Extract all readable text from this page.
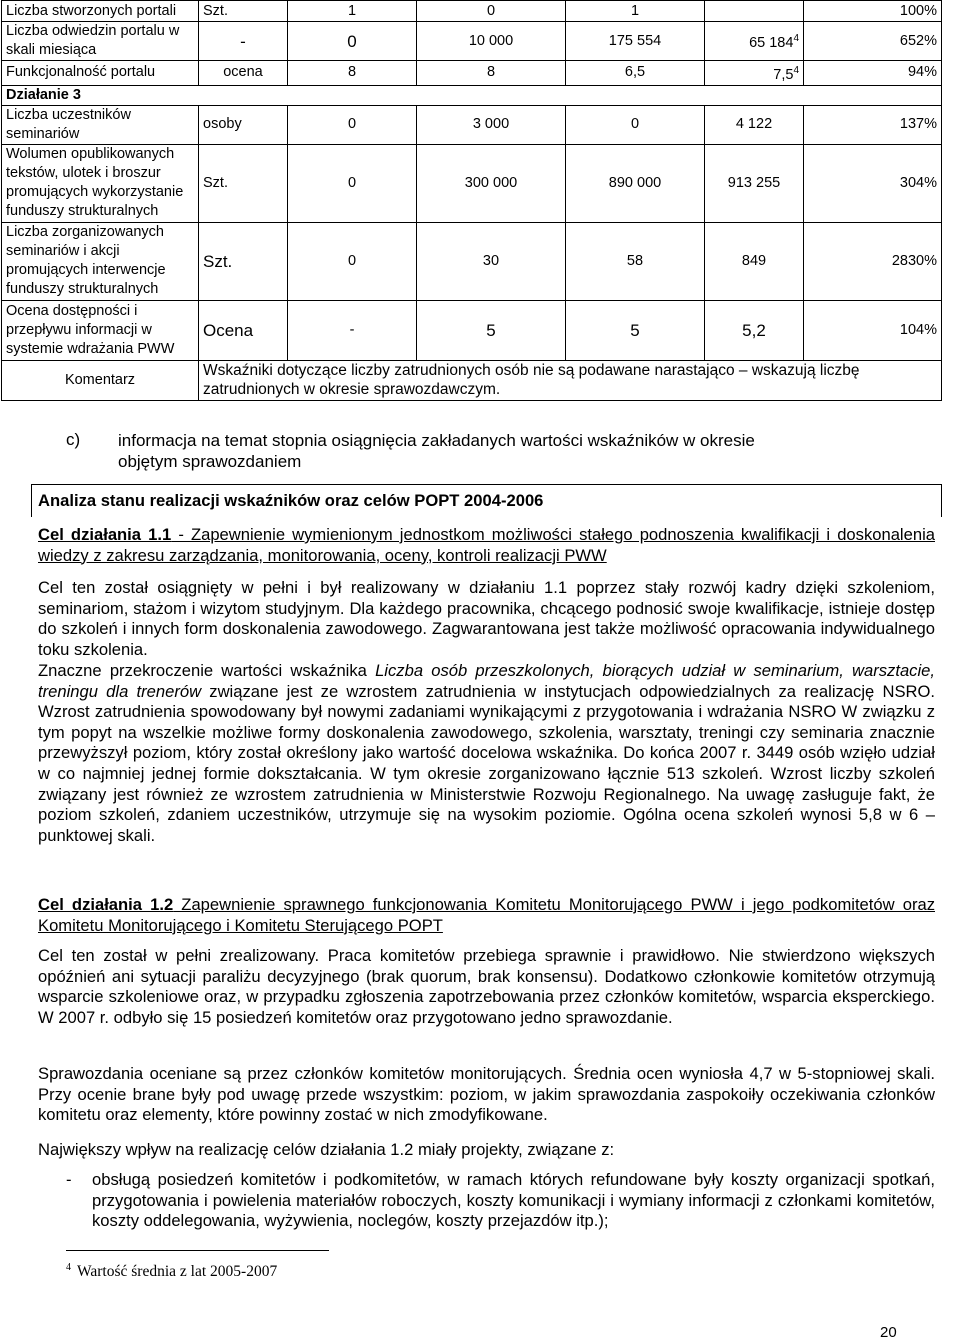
Liczba stworzonych portali	Szt.	1	0	1		100%
Liczba odwiedzin portalu w skali miesiąca	-	0	10 000	175 554	65 $184^4$	652%
Funkcjonalność portalu	ocena	8	8	6,5	$7,5^4$	94%
Działanie 3						
Liczba uczestników seminariów	osoby	0	3 000	0	4 122	137%
Wolumen opublikowanych tekstów, ulotek i broszur promujących wykorzystanie funduszy strukturalnych	Szt.	0	300 000	890 000	913 255	304%
Liczba zorganizowanych seminariów i akcji promujących interwencje funduszy strukturalnych	Szt.	0	30	58	849	2830%
Ocena dostępności i przepływu informacji w systemie wdrażania PWW	Ocena	-	5	5	5,2	104%
Komentarz	Wskaźniki dotyczące liczby zatrudnionych osób nie są podawane narastająco – wskazują liczbę zatrudnionych w okresie sprawozdawczym.					
c) informacja na temat stopnia osiągnięcia zakładanych wartości wskaźników w okresie objętym sprawozdaniem
Analiza stanu realizacji wskaźników oraz celów POPT 2004-2006
Cel działania 1.1 - Zapewnienie wymienionym jednostkom możliwości stałego podnoszenia kwalifikacji i doskonalenia wiedzy z zakresu zarządzania, monitorowania, oceny, kontroli realizacji PWW
Cel ten został osiągnięty w pełni i był realizowany w działaniu 1.1 poprzez stały rozwój kadry dzięki szkoleniom, seminariom, stażom i wizytom studyjnym. Dla każdego pracownika, chcącego podnosić swoje kwalifikacje, istnieje dostęp do szkoleń i innych form doskonalenia zawodowego. Zagwarantowana jest także możliwość opracowania indywidualnego toku szkolenia.
Znaczne przekroczenie wartości wskaźnika Liczba osób przeszkolonych, biorących udział w seminarium, warsztacie, treningu dla trenerów związane jest ze wzrostem zatrudnienia w instytucjach odpowiedzialnych za realizację NSRO. Wzrost zatrudnienia spowodowany był nowymi zadaniami wynikającymi z przygotowania i wdrażania NSRO W związku z tym popyt na wszelkie możliwe formy doskonalenia zawodowego, szkolenia, warsztaty, treningi czy seminaria znacznie przewyższył poziom, który został określony jako wartość docelowa wskaźnika. Do końca 2007 r. 3449 osób wzięło udział w co najmniej jednej formie dokształcania. W tym okresie zorganizowano łącznie 513 szkoleń. Wzrost liczby szkoleń związany jest również ze wzrostem zatrudnienia w Ministerstwie Rozwoju Regionalnego. Na uwagę zasługuje fakt, że poziom szkoleń, zdaniem uczestników, utrzymuje się na wysokim poziomie. Ogólna ocena szkoleń wynosi 5,8 w 6 – punktowej skali.
Cel działania 1.2 Zapewnienie sprawnego funkcjonowania Komitetu Monitorującego PWW i jego podkomitetów oraz Komitetu Monitorującego i Komitetu Sterującego POPT
Cel ten został w pełni zrealizowany. Praca komitetów przebiega sprawnie i prawidłowo. Nie stwierdzono większych opóźnień ani sytuacji paraliżu decyzyjnego (brak quorum, brak konsensu). Dodatkowo członkowie komitetów otrzymują wsparcie szkoleniowe oraz, w przypadku zgłoszenia zapotrzebowania przez członków komitetów, wsparcia eksperckiego. W 2007 r. odbyło się 15 posiedzeń komitetów oraz przygotowano jedno sprawozdanie.
Sprawozdania oceniane są przez członków komitetów monitorujących. Średnia ocen wyniosła 4,7 w 5-stopniowej skali. Przy ocenie brane były pod uwagę przede wszystkim: poziom, w jakim sprawozdania zaspokoiły oczekiwania członków komitetu oraz elementy, które powinny zostać w nich zmodyfikowane.
Największy wpływ na realizację celów działania 1.2 miały projekty, związane z:
- obsługą posiedzeń komitetów i podkomitetów, w ramach których refundowane były koszty organizacji spotkań, przygotowania i powielenia materiałów roboczych, koszty komunikacji i wymiany informacji z członkami komitetów, koszty oddelegowania, wyżywienia, noclegów, koszty przejazdów itp.);
$^4$ Wartość średnia z lat 2005-2007
20
